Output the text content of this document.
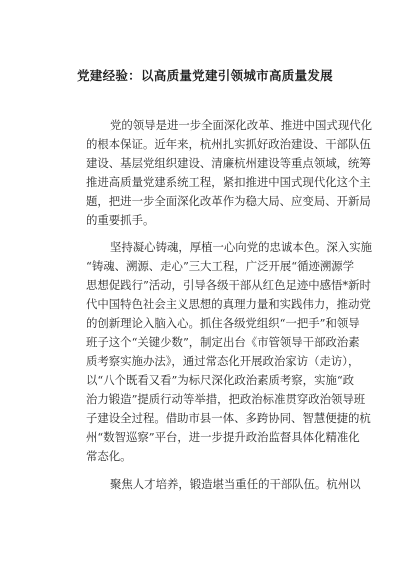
党建经验：以高质量党建引领城市高质量发展
党的领导是进一步全面深化改革、推进中国式现代化
的根本保证。近年来，杭州扎实抓好政治建设、干部队伍
建设、基层党组织建设、清廉杭州建设等重点领域，统筹
推进高质量党建系统工程，紧扣推进中国式现代化这个主
题，把进一步全面深化改革作为稳大局、应变局、开新局
的重要抓手。
坚持凝心铸魂，厚植一心向党的忠诚本色。深入实施
“铸魂、溯源、走心”三大工程，广泛开展“循迹溯源学
思想促践行”活动，引导各级干部从红色足迹中感悟*新时
代中国特色社会主义思想的真理力量和实践伟力，推动党
的创新理论入脑入心。抓住各级党组织“一把手”和领导
班子这个“关键少数”，制定出台《市管领导干部政治素
质考察实施办法》，通过常态化开展政治家访（走访），
以“八个既看又看”为标尺深化政治素质考察，实施“政
治力锻造”提质行动等举措，把政治标准贯穿政治领导班
子建设全过程。借助市县一体、多跨协同、智慧便捷的杭
州“数智巡察”平台，进一步提升政治监督具体化精准化
常态化。
聚焦人才培养，锻造堪当重任的干部队伍。杭州以
